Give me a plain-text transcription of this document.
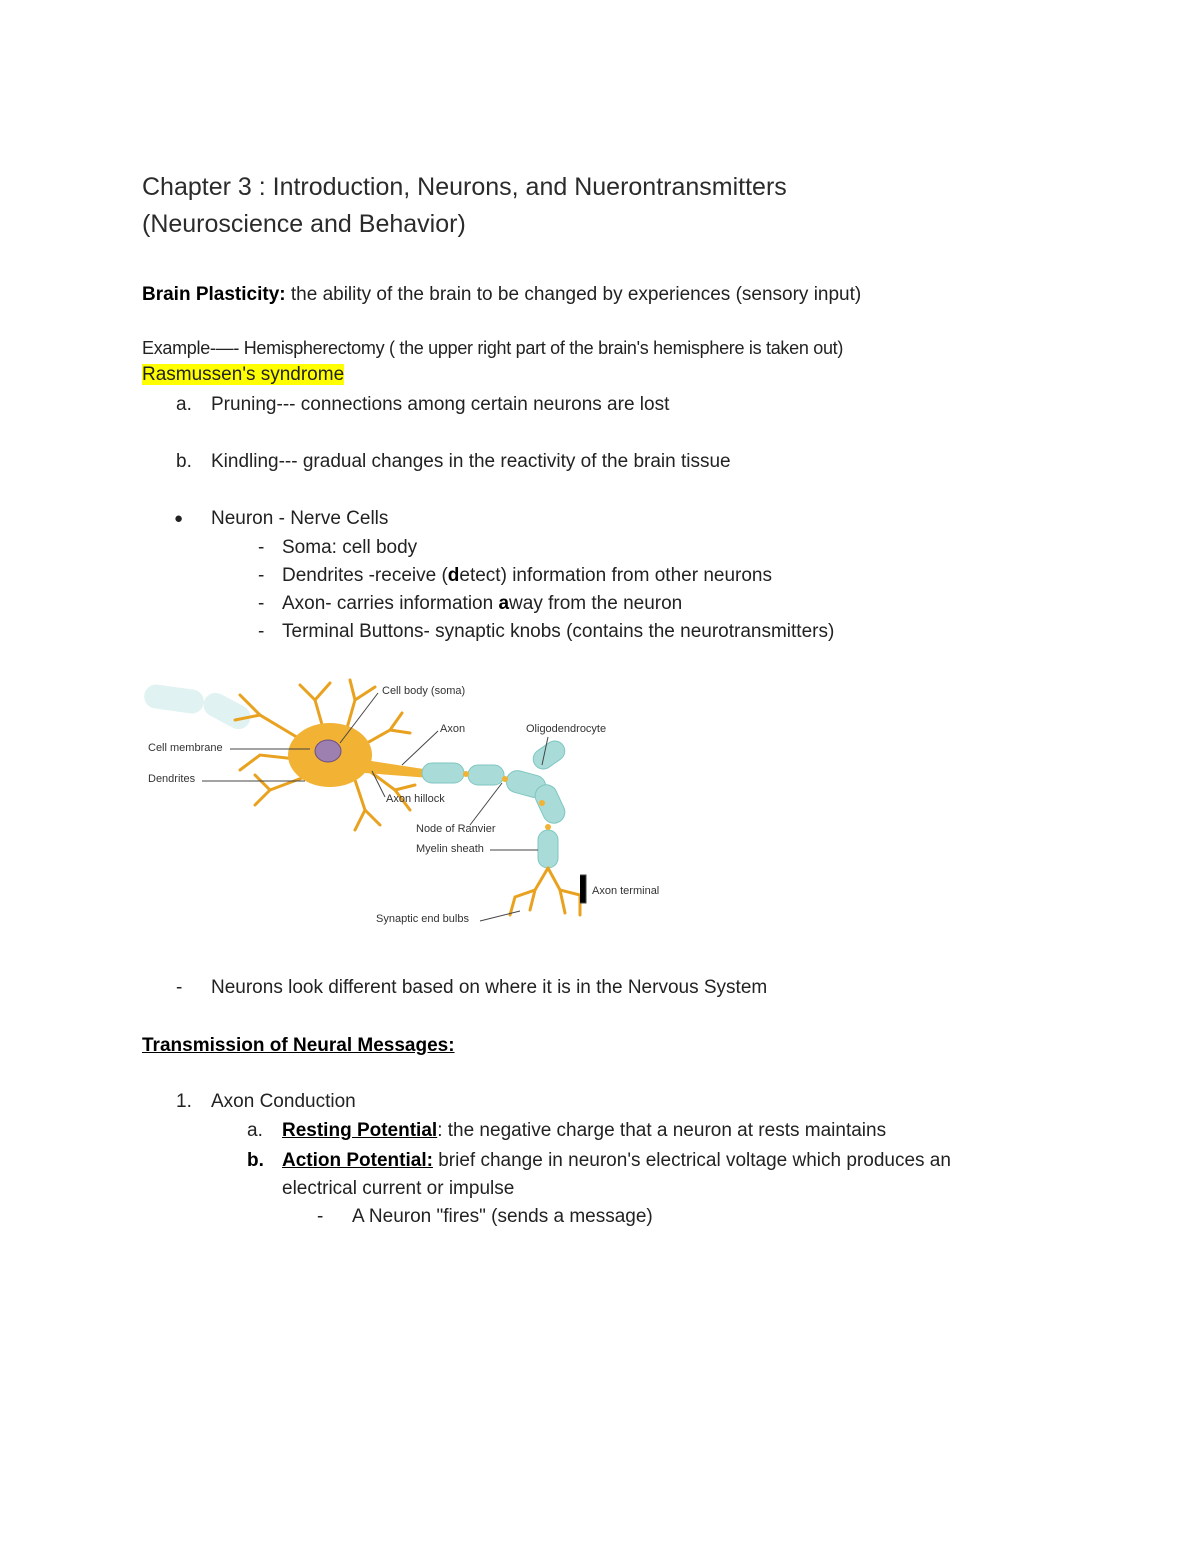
Chapter 3 : Introduction, Neurons, and Nuerontransmitters
(Neuroscience and Behavior)
Brain Plasticity: the ability of the brain to be changed by experiences (sensory input)
Example-—- Hemispherectomy ( the upper right part of the brain's hemisphere is taken out)
Rasmussen's syndrome
a. Pruning--- connections among certain neurons are lost
b. Kindling--- gradual changes in the reactivity of the brain tissue
● Neuron - Nerve Cells
- Soma: cell body
- Dendrites -receive (detect) information from other neurons
- Axon- carries information away from the neuron
- Terminal Buttons- synaptic knobs (contains the neurotransmitters)
Cell body (soma)
Axon	Oligodendrocyte
Cell membrane
Dendrites
Axon hillock
Node of Ranvier
Myelin sheath
Axon terminal
Synaptic end bulbs
- Neurons look different based on where it is in the Nervous System
Transmission of Neural Messages:
1. Axon Conduction
a. Resting Potential: the negative charge that a neuron at rests maintains
b. Action Potential: brief change in neuron's electrical voltage which produces an
electrical current or impulse
- A Neuron "fires" (sends a message)
